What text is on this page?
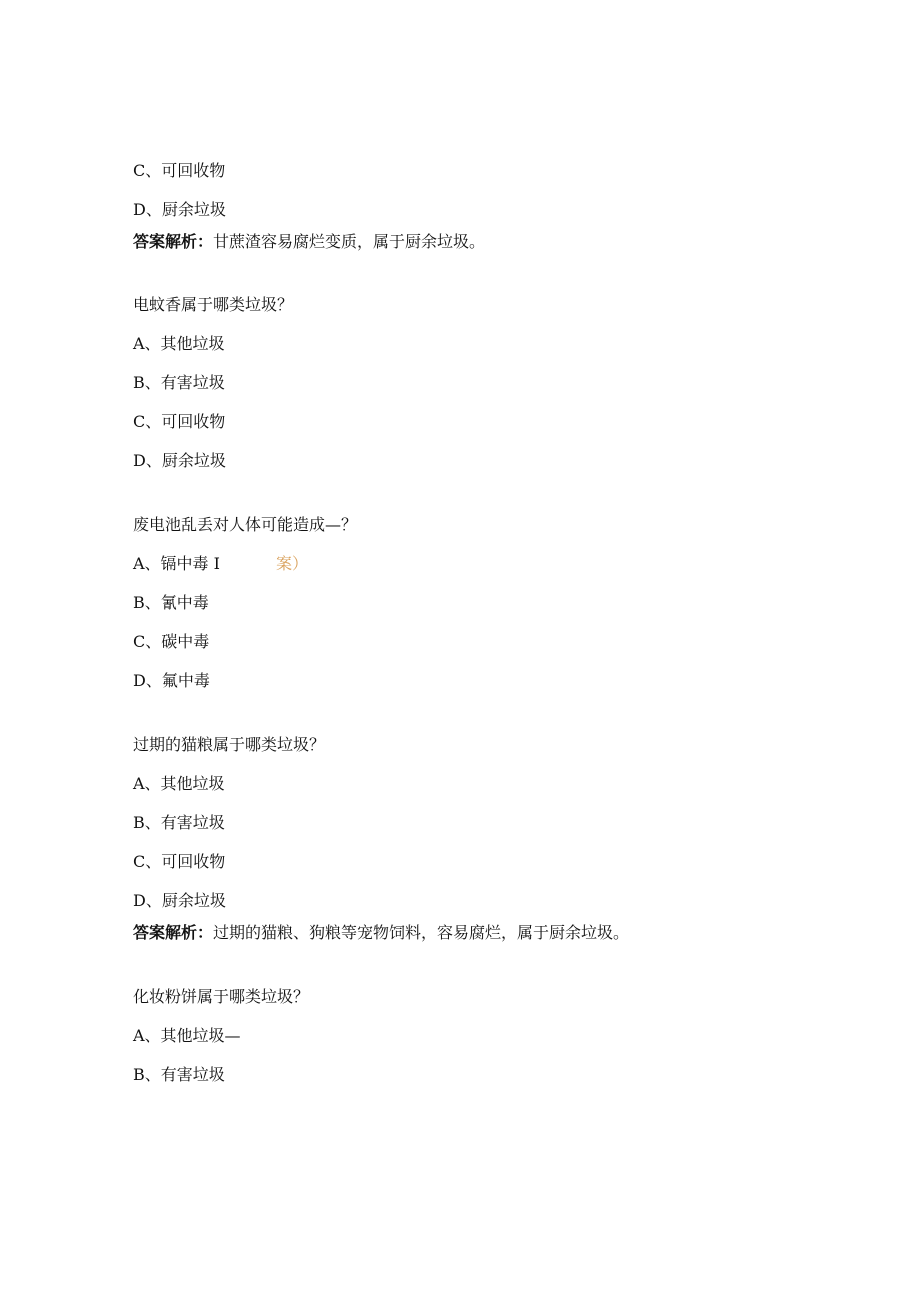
C、可回收物
D、厨余垃圾
答案解析：甘蔗渣容易腐烂变质，属于厨余垃圾。
电蚊香属于哪类垃圾？
A、其他垃圾
B、有害垃圾
C、可回收物
D、厨余垃圾
废电池乱丢对人体可能造成—？
A、镉中毒 I	案）
B、氰中毒
C、碳中毒
D、氟中毒
过期的猫粮属于哪类垃圾？
A、其他垃圾
B、有害垃圾
C、可回收物
D、厨余垃圾
答案解析：过期的猫粮、狗粮等宠物饲料，容易腐烂，属于厨余垃圾。
化妆粉饼属于哪类垃圾？
A、其他垃圾—
B、有害垃圾
